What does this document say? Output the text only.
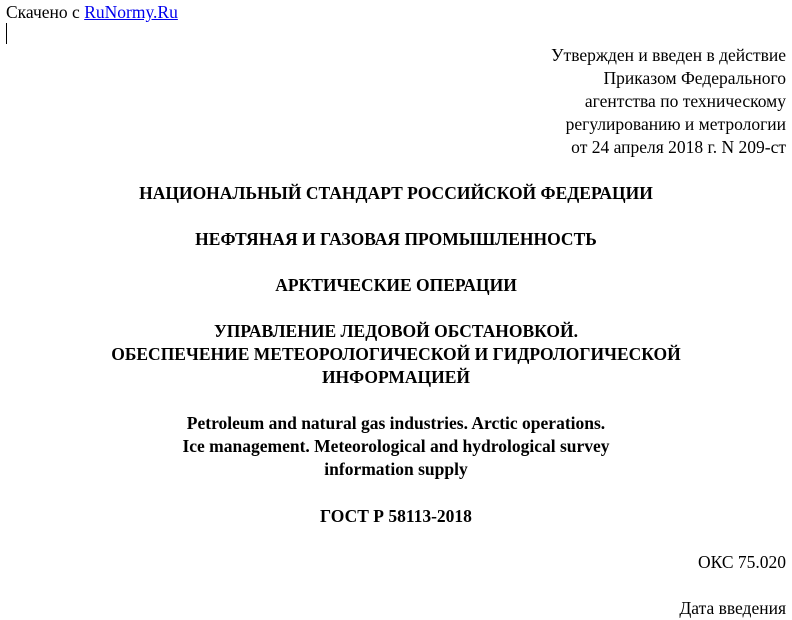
Скачено с RuNormy.Ru
Утвержден и введен в действие
Приказом Федерального
агентства по техническому
регулированию и метрологии
от 24 апреля 2018 г. N 209-ст
НАЦИОНАЛЬНЫЙ СТАНДАРТ РОССИЙСКОЙ ФЕДЕРАЦИИ
НЕФТЯНАЯ И ГАЗОВАЯ ПРОМЫШЛЕННОСТЬ
АРКТИЧЕСКИЕ ОПЕРАЦИИ
УПРАВЛЕНИЕ ЛЕДОВОЙ ОБСТАНОВКОЙ.
ОБЕСПЕЧЕНИЕ МЕТЕОРОЛОГИЧЕСКОЙ И ГИДРОЛОГИЧЕСКОЙ
ИНФОРМАЦИЕЙ
Petroleum and natural gas industries. Arctic operations.
Ice management. Meteorological and hydrological survey
information supply
ГОСТ Р 58113-2018
ОКС 75.020
Дата введения
